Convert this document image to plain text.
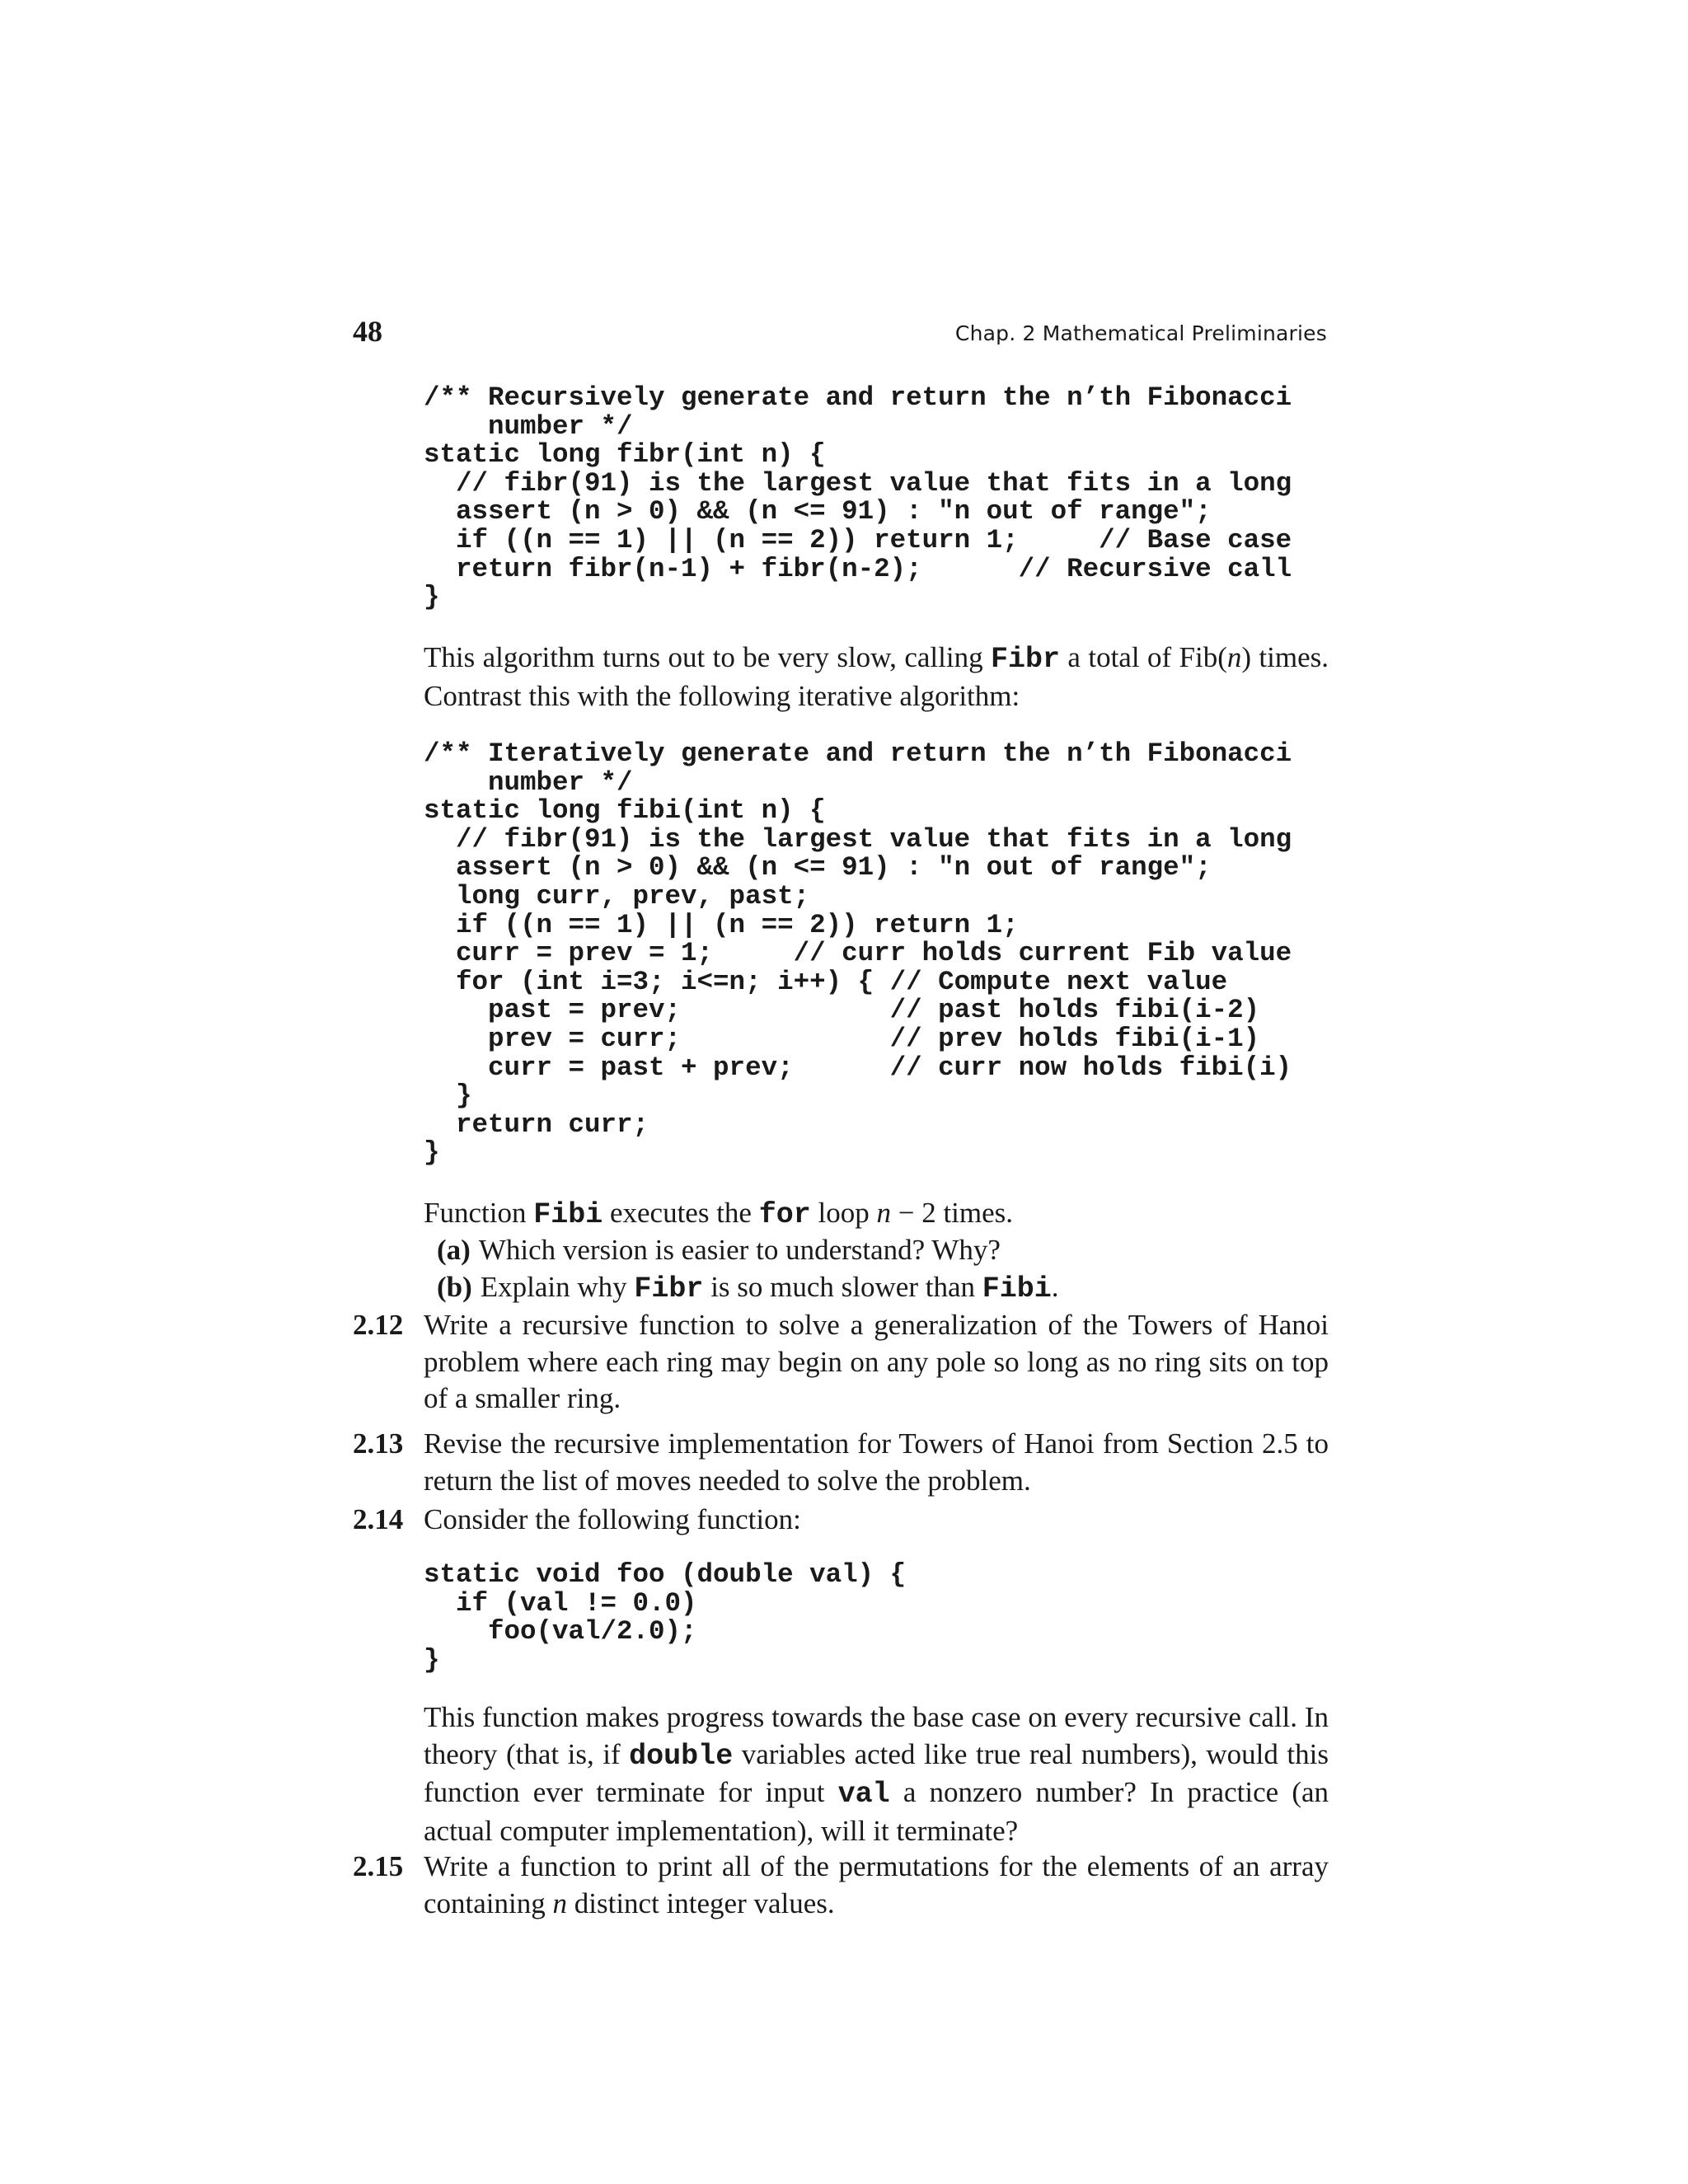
48	Chap. 2 Mathematical Preliminaries
/** Recursively generate and return the n’th Fibonacci
number */
static long fibr(int n) {
// fibr(91) is the largest value that fits in a long
assert (n > 0) && (n <= 91) : "n out of range";
if ((n == 1) || (n == 2)) return 1;     // Base case
return fibr(n-1) + fibr(n-2);      // Recursive call
}

This algorithm turns out to be very slow, calling Fibr a total of Fib(n) times. Contrast this with the following iterative algorithm:

/** Iteratively generate and return the n’th Fibonacci
number */
static long fibi(int n) {
// fibr(91) is the largest value that fits in a long
assert (n > 0) && (n <= 91) : "n out of range";
long curr, prev, past;
if ((n == 1) || (n == 2)) return 1;
curr = prev = 1;     // curr holds current Fib value
for (int i=3; i<=n; i++) { // Compute next value
past = prev;             // past holds fibi(i-2)
prev = curr;             // prev holds fibi(i-1)
curr = past + prev;      // curr now holds fibi(i)
}
return curr;
}

Function Fibi executes the for loop n − 2 times.

(a) Which version is easier to understand? Why?
(b) Explain why Fibr is so much slower than Fibi.
2.12 Write a recursive function to solve a generalization of the Towers of Hanoi problem where each ring may begin on any pole so long as no ring sits on top of a smaller ring.
2.13 Revise the recursive implementation for Towers of Hanoi from Section 2.5 to return the list of moves needed to solve the problem.
2.14 Consider the following function:
static void foo (double val) {
if (val != 0.0)
foo(val/2.0);
}

This function makes progress towards the base case on every recursive call. In theory (that is, if double variables acted like true real numbers), would this function ever terminate for input val a nonzero number? In practice (an actual computer implementation), will it terminate?

2.15 Write a function to print all of the permutations for the elements of an array containing n distinct integer values.
